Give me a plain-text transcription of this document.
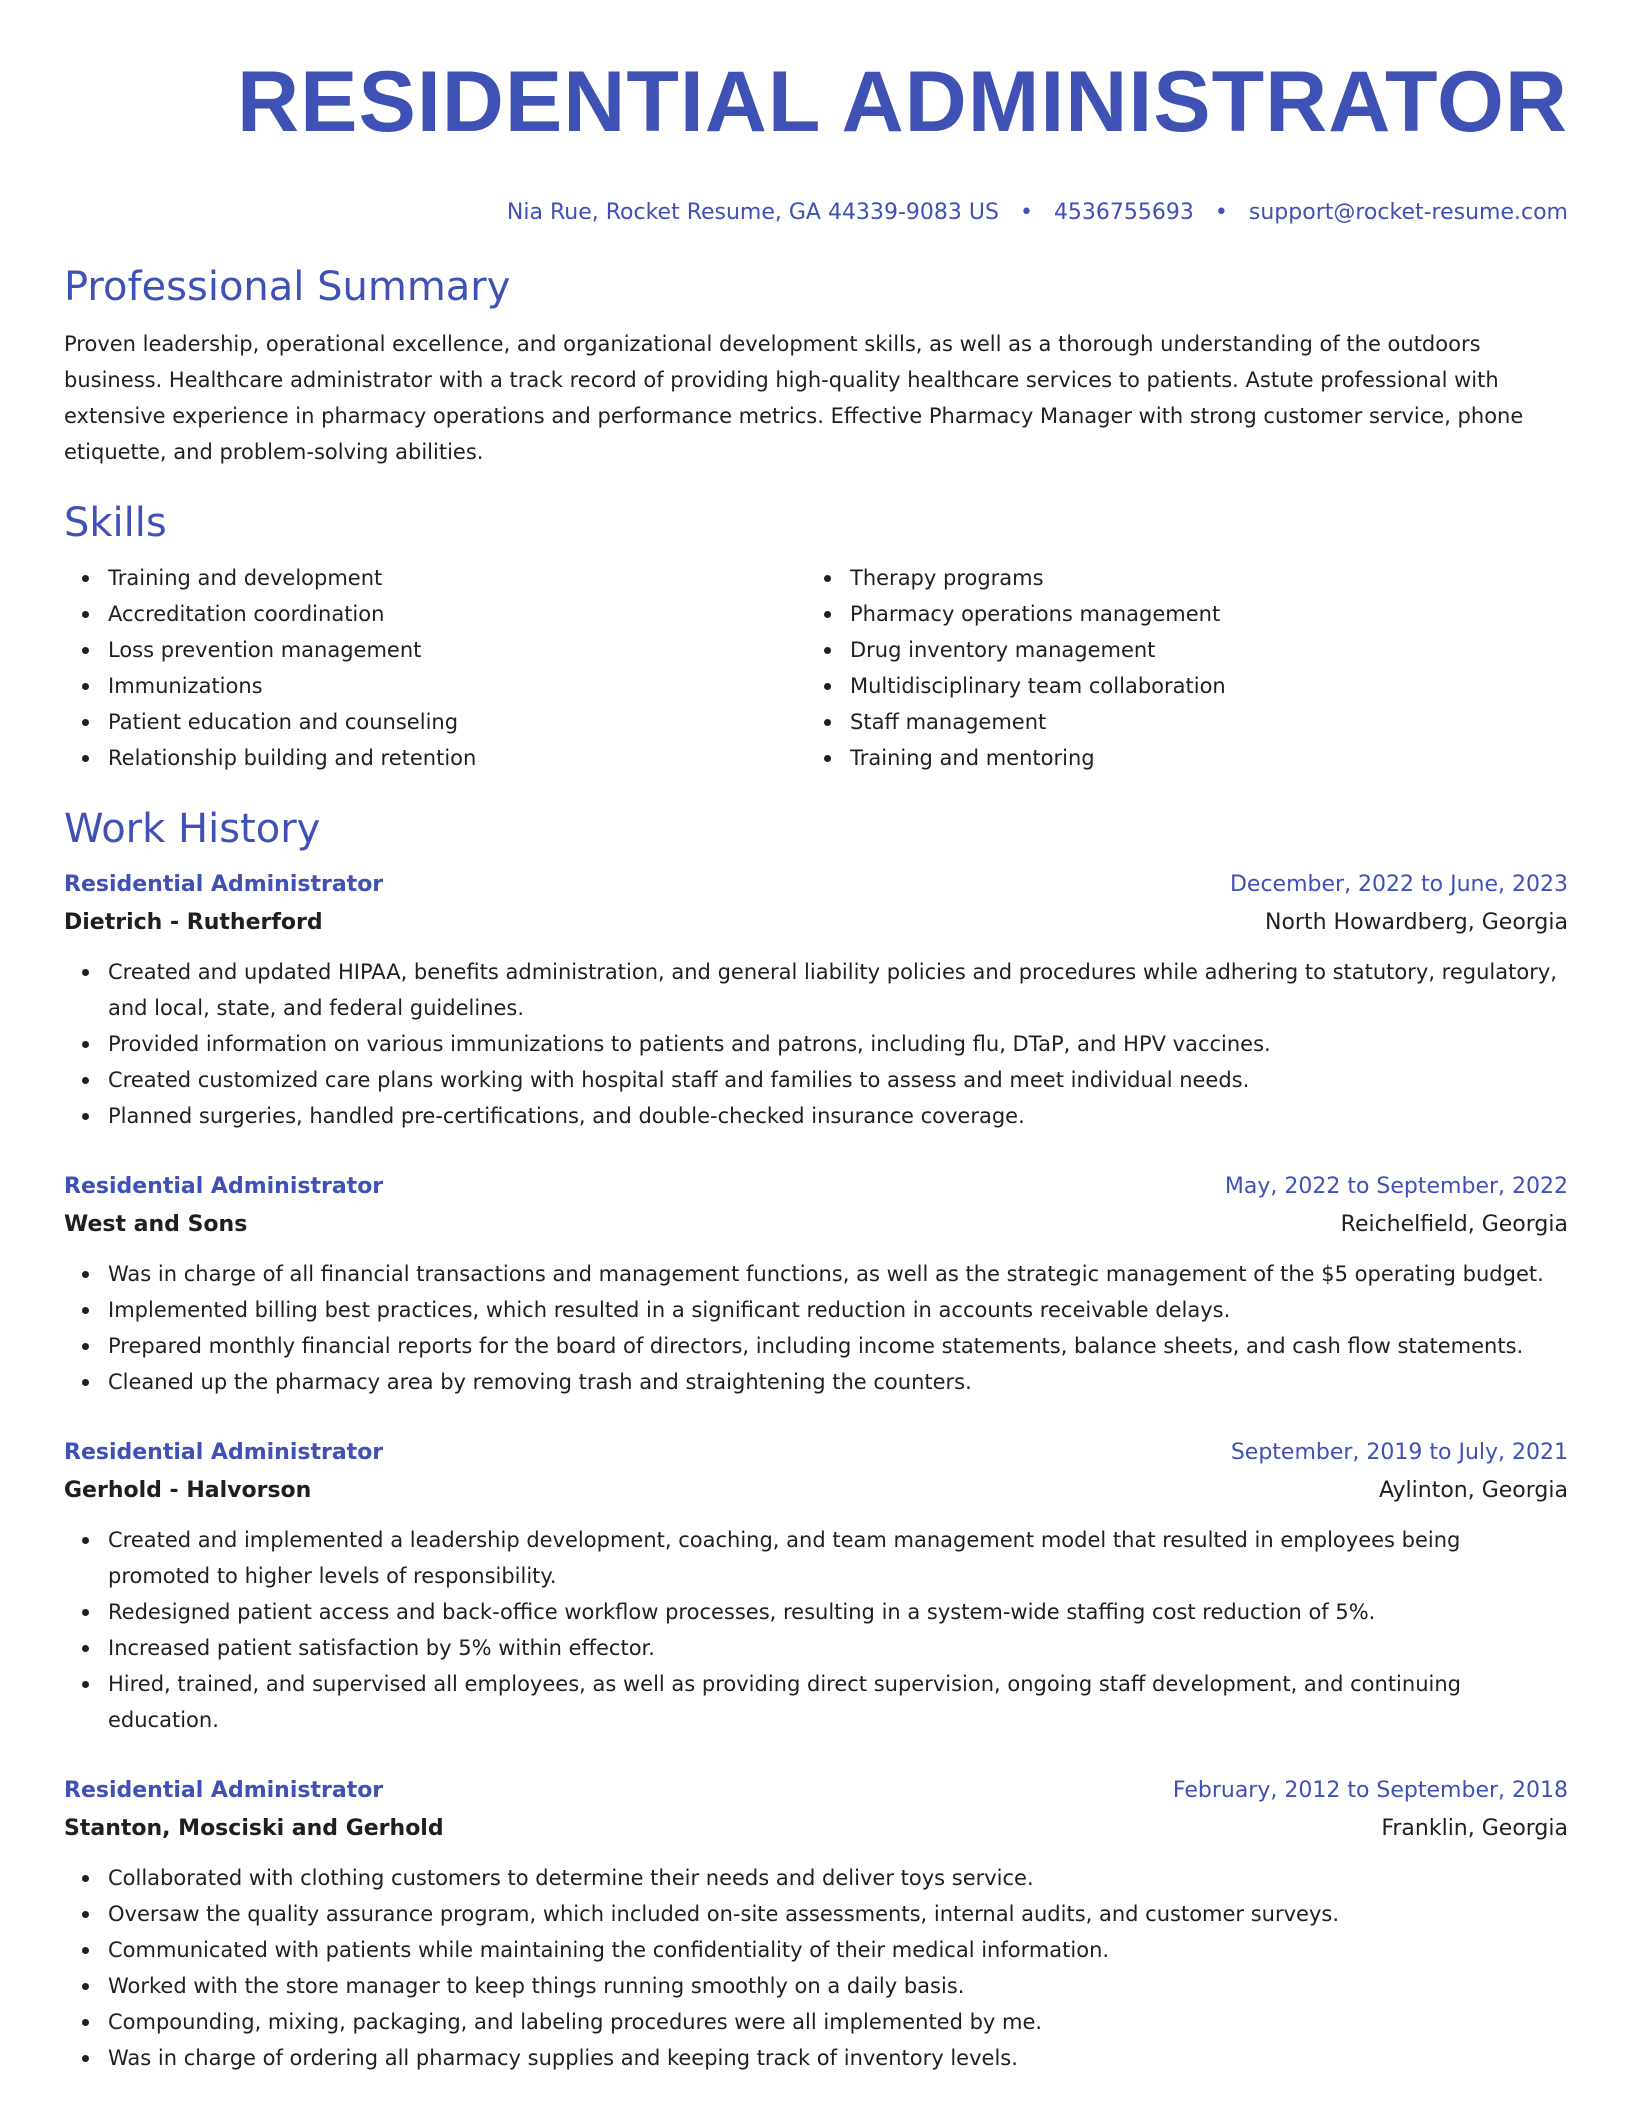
RESIDENTIAL ADMINISTRATOR
Nia Rue, Rocket Resume, GA 44339-9083 US • 4536755693 • support@rocket-resume.com
Professional Summary

Proven leadership, operational excellence, and organizational development skills, as well as a thorough understanding of the outdoors business. Healthcare administrator with a track record of providing high-quality healthcare services to patients. Astute professional with extensive experience in pharmacy operations and performance metrics. Effective Pharmacy Manager with strong customer service, phone etiquette, and problem-solving abilities.

Skills
Training and development
Accreditation coordination
Loss prevention management
Immunizations
Patient education and counseling
Relationship building and retention
Therapy programs
Pharmacy operations management
Drug inventory management
Multidisciplinary team collaboration
Staff management
Training and mentoring
Work History
Residential Administrator	December, 2022 to June, 2023
Dietrich - Rutherford	North Howardberg, Georgia
Created and updated HIPAA, benefits administration, and general liability policies and procedures while adhering to statutory, regulatory, and local, state, and federal guidelines.
Provided information on various immunizations to patients and patrons, including flu, DTaP, and HPV vaccines.
Created customized care plans working with hospital staff and families to assess and meet individual needs.
Planned surgeries, handled pre-certifications, and double-checked insurance coverage.
Residential Administrator	May, 2022 to September, 2022
West and Sons	Reichelfield, Georgia
Was in charge of all financial transactions and management functions, as well as the strategic management of the $5 operating budget.
Implemented billing best practices, which resulted in a significant reduction in accounts receivable delays.
Prepared monthly financial reports for the board of directors, including income statements, balance sheets, and cash flow statements.
Cleaned up the pharmacy area by removing trash and straightening the counters.
Residential Administrator	September, 2019 to July, 2021
Gerhold - Halvorson	Aylinton, Georgia
Created and implemented a leadership development, coaching, and team management model that resulted in employees being promoted to higher levels of responsibility.
Redesigned patient access and back-office workflow processes, resulting in a system-wide staffing cost reduction of 5%.
Increased patient satisfaction by 5% within effector.
Hired, trained, and supervised all employees, as well as providing direct supervision, ongoing staff development, and continuing education.
Residential Administrator	February, 2012 to September, 2018
Stanton, Mosciski and Gerhold	Franklin, Georgia
Collaborated with clothing customers to determine their needs and deliver toys service.
Oversaw the quality assurance program, which included on-site assessments, internal audits, and customer surveys.
Communicated with patients while maintaining the confidentiality of their medical information.
Worked with the store manager to keep things running smoothly on a daily basis.
Compounding, mixing, packaging, and labeling procedures were all implemented by me.
Was in charge of ordering all pharmacy supplies and keeping track of inventory levels.
